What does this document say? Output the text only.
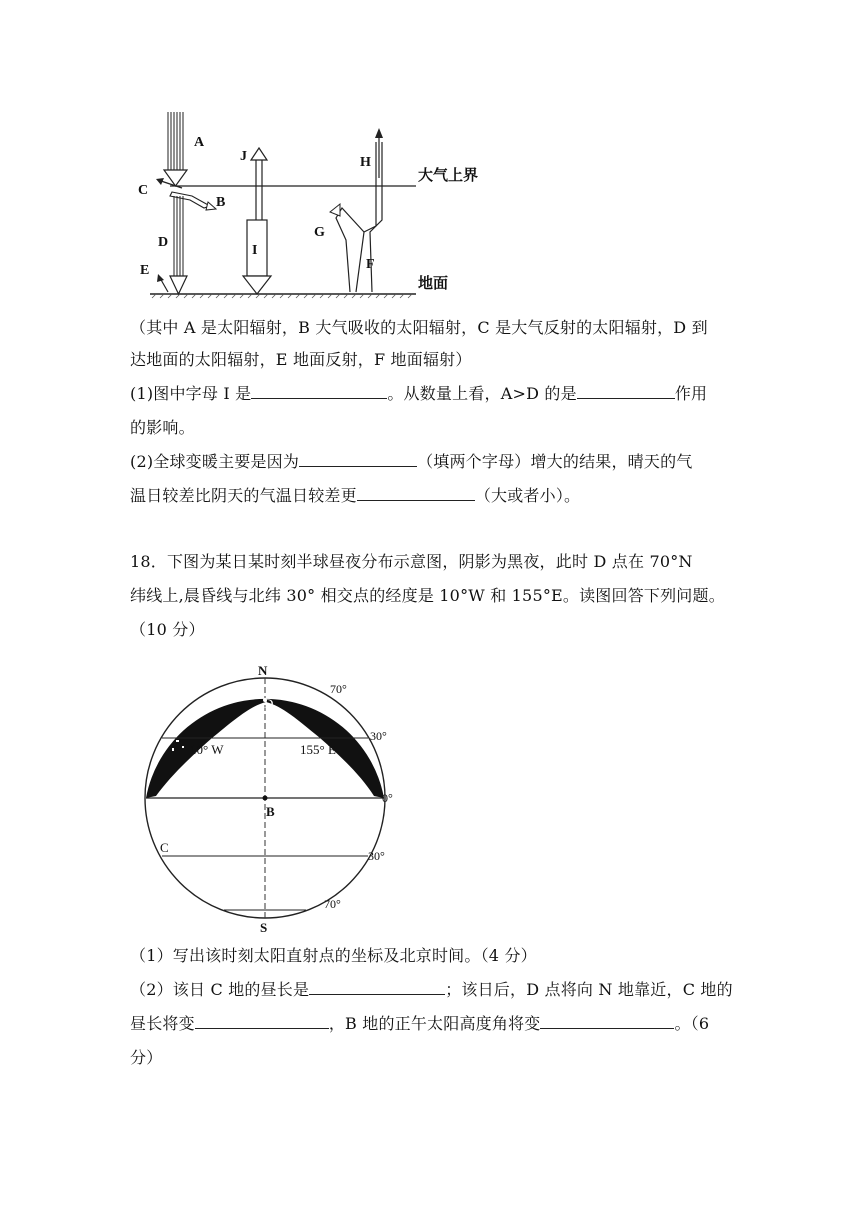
A
C
B
D
E
J
I
H
G
F
大气上界
地面
（其中 A 是太阳辐射，B 大气吸收的太阳辐射，C 是大气反射的太阳辐射，D 到
达地面的太阳辐射，E 地面反射，F 地面辐射）
(1)图中字母 I 是	。从数量上看，A>D 的是	作用
的影响。
(2)全球变暖主要是因为	（填两个字母）增大的结果，晴天的气
温日较差比阴天的气温日较差更	（大或者小）。
18．下图为某日某时刻半球昼夜分布示意图，阴影为黑夜，此时 D 点在 70°N
纬线上,晨昏线与北纬 30° 相交点的经度是 10°W 和 155°E。读图回答下列问题。
（10 分）
N
S
D
B
C
70°
30°
0°
30°
70°
10° W	155° E
（1）写出该时刻太阳直射点的坐标及北京时间。（4 分）
（2）该日 C 地的昼长是	；该日后，D 点将向 N 地靠近，C 地的
昼长将变	，B 地的正午太阳高度角将变	。（6
分）
